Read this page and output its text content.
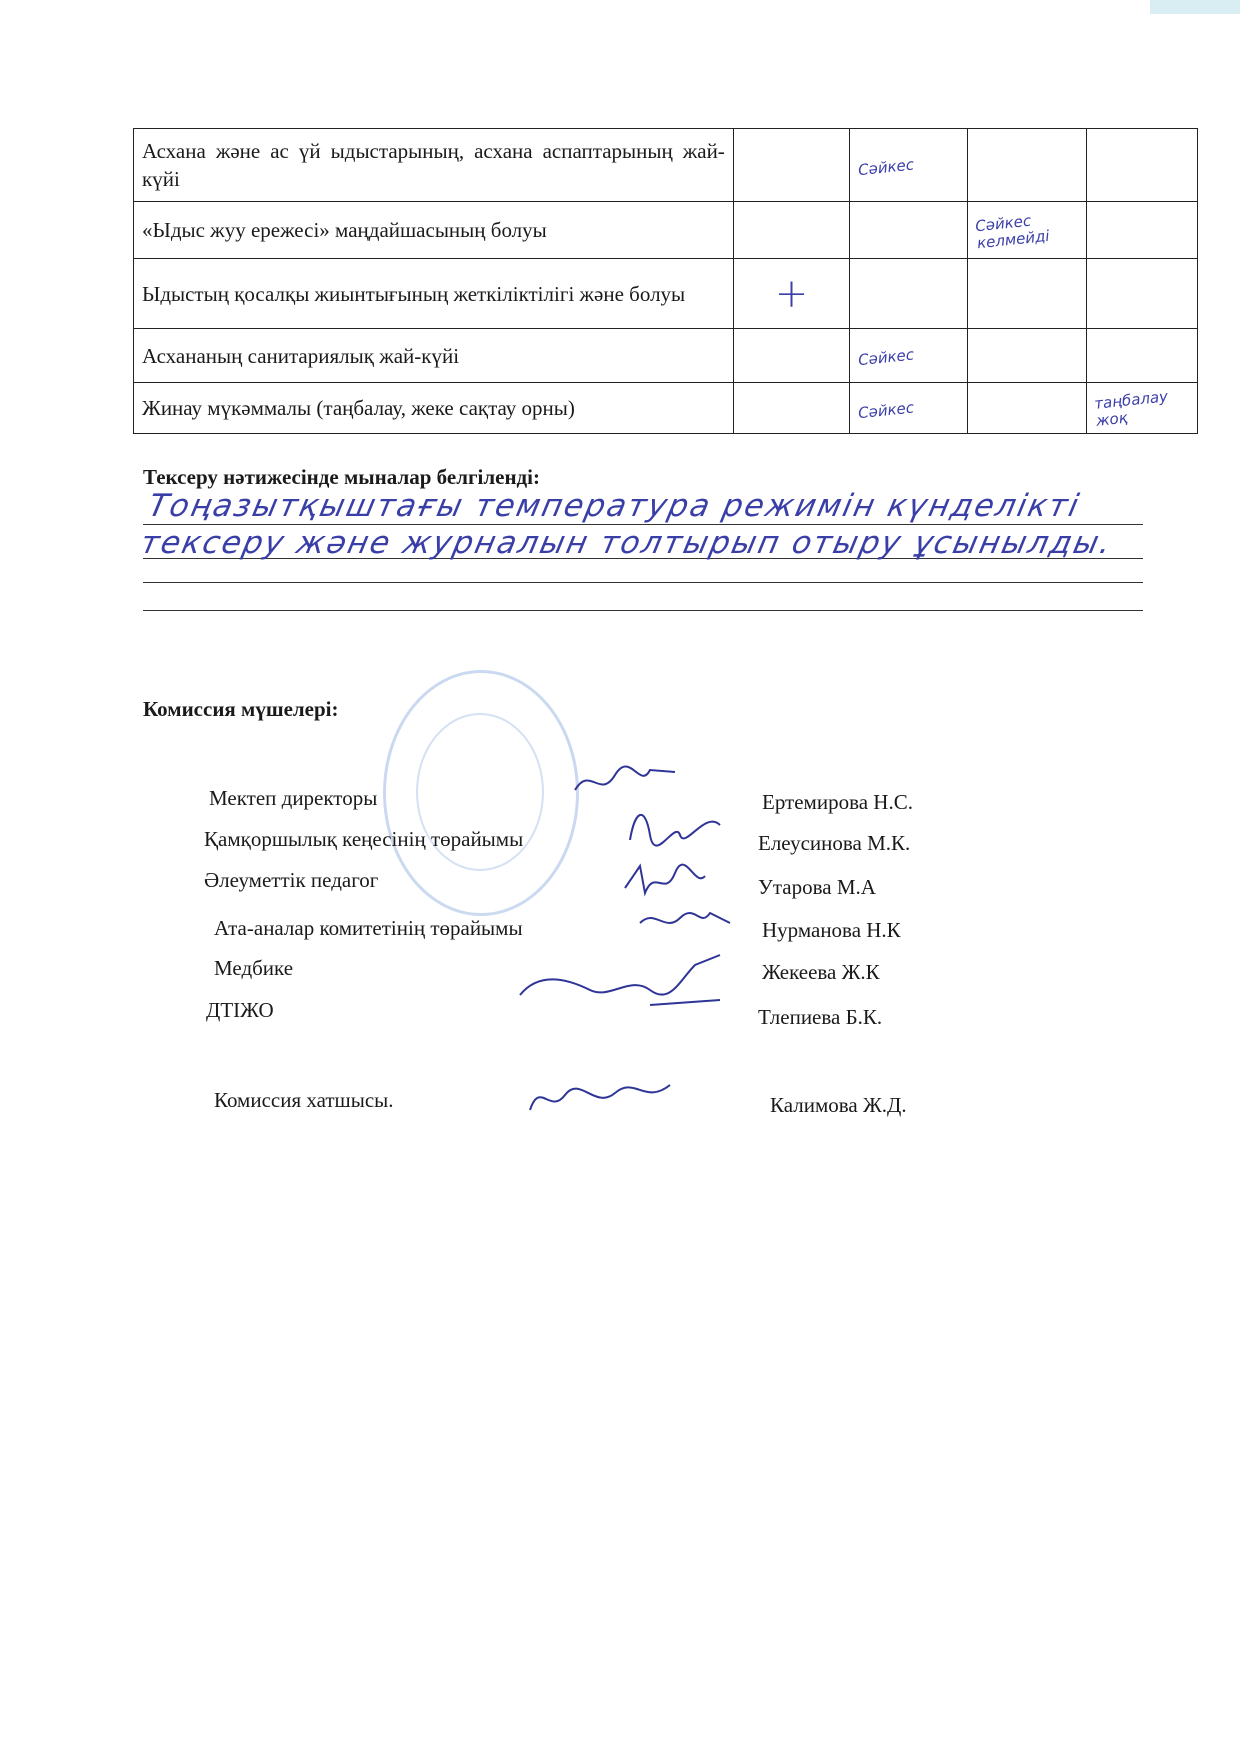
Асхана және ас үй ыдыстарының, асхана аспаптарының жай-күйі		Сәйкес		

«Ыдыс жуу ережесі» маңдайшасының болуы			Сәйкес келмейді	

Ыдыстың қосалқы жиынтығының жеткіліктілігі және болуы	+			

Асхананың санитариялық жай-күйі		Сәйкес		

Жинау мүкәммалы (таңбалау, жеке сақтау орны)		Сәйкес		таңбалау жоқ
Тексеру нәтижесінде мыналар белгіленді:
Тоңазытқыштағы температура режимін күнделікті тексеру және журналын толтырып отыру ұсынылды.
Комиссия мүшелері:
Мектеп директоры	Ертемирова Н.С.
Қамқоршылық кеңесінің төрайымы	Елеусинова М.К.
Әлеуметтік педагог	Утарова М.А
Ата-аналар комитетінің төрайымы	Нурманова Н.К
Медбике	Жекеева Ж.К
ДТІЖО	Тлепиева Б.К.
Комиссия хатшысы.	Калимова Ж.Д.
